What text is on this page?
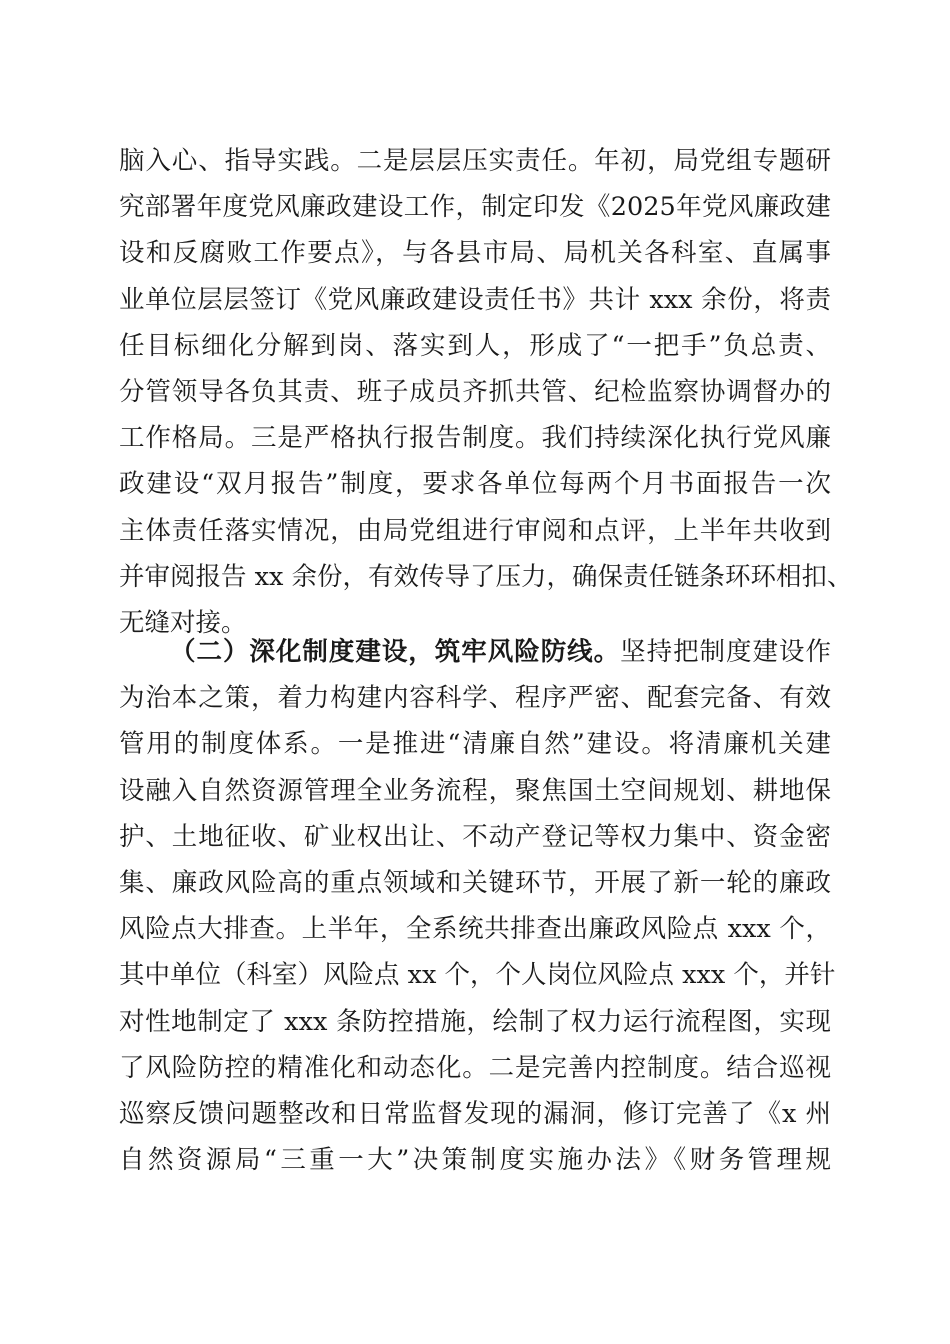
脑入心、指导实践。二是层层压实责任。年初，局党组专题研
究部署年度党风廉政建设工作，制定印发《2025年党风廉政建
设和反腐败工作要点》，与各县市局、局机关各科室、直属事
业单位层层签订《党风廉政建设责任书》共计 xxx 余份，将责
任目标细化分解到岗、落实到人，形成了“一把手”负总责、
分管领导各负其责、班子成员齐抓共管、纪检监察协调督办的
工作格局。三是严格执行报告制度。我们持续深化执行党风廉
政建设“双月报告”制度，要求各单位每两个月书面报告一次
主体责任落实情况，由局党组进行审阅和点评，上半年共收到
并审阅报告 xx 余份，有效传导了压力，确保责任链条环环相扣、
无缝对接。
（二）深化制度建设，筑牢风险防线。坚持把制度建设作
为治本之策，着力构建内容科学、程序严密、配套完备、有效
管用的制度体系。一是推进“清廉自然”建设。将清廉机关建
设融入自然资源管理全业务流程，聚焦国土空间规划、耕地保
护、土地征收、矿业权出让、不动产登记等权力集中、资金密
集、廉政风险高的重点领域和关键环节，开展了新一轮的廉政
风险点大排查。上半年，全系统共排查出廉政风险点 xxx 个，
其中单位（科室）风险点 xx 个，个人岗位风险点 xxx 个，并针
对性地制定了 xxx 条防控措施，绘制了权力运行流程图，实现
了风险防控的精准化和动态化。二是完善内控制度。结合巡视
巡察反馈问题整改和日常监督发现的漏洞，修订完善了《x 州
自然资源局“三重一大”决策制度实施办法》《财务管理规
